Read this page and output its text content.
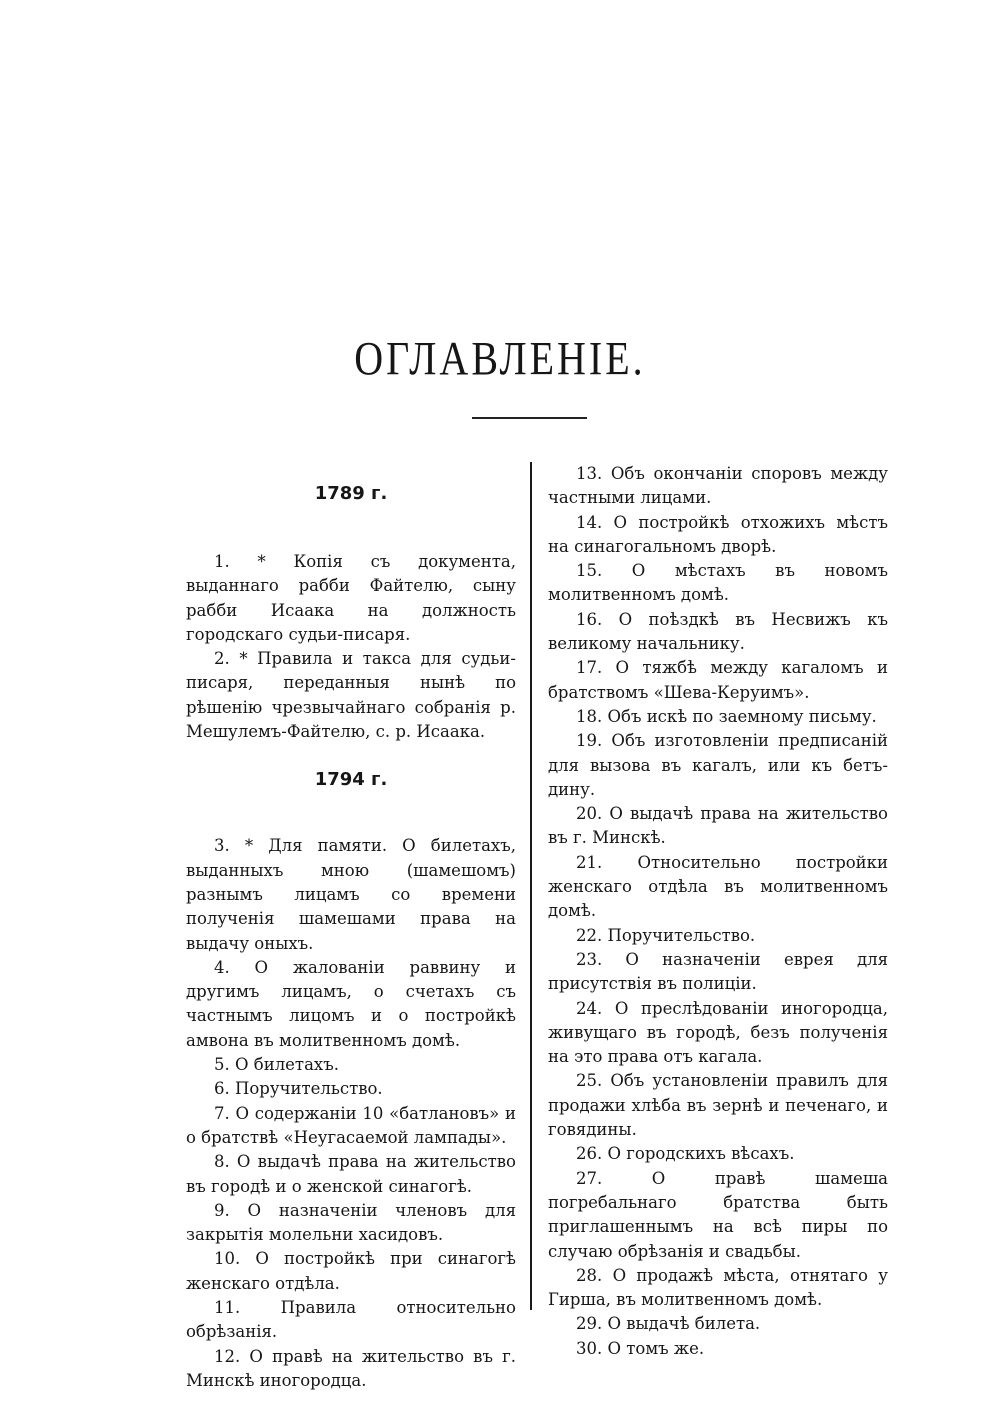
ОГЛАВЛЕНІЕ.
1789 г.

1. * Копія съ документа, выданнаго рабби Файтелю, сыну рабби Исаака на должность городскаго судьи-писаря.

2. * Правила и такса для судьи-писаря, переданныя нынѣ по рѣшенію чрезвычайнаго собранія р. Мешулемъ-Файтелю, с. р. Исаака.

1794 г.

3. * Для памяти. О билетахъ, выданныхъ мною (шамешомъ) разнымъ лицамъ со времени полученія шамешами права на выдачу оныхъ.

4. О жалованіи раввину и другимъ лицамъ, о счетахъ съ частнымъ лицомъ и о постройкѣ амвона въ молитвенномъ домѣ.

5. О билетахъ.

6. Поручительство.

7. О содержаніи 10 «батлановъ» и о братствѣ «Неугасаемой лампады».

8. О выдачѣ права на жительство въ городѣ и о женской синагогѣ.

9. О назначеніи членовъ для закрытія молельни хасидовъ.

10. О постройкѣ при синагогѣ женскаго отдѣла.

11. Правила относительно обрѣзанія.

12. О правѣ на жительство въ г. Минскѣ иногородца.

13. Объ окончаніи споровъ между частными лицами.

14. О постройкѣ отхожихъ мѣстъ на синагогальномъ дворѣ.

15. О мѣстахъ въ новомъ молитвенномъ домѣ.

16. О поѣздкѣ въ Несвижъ къ великому начальнику.

17. О тяжбѣ между кагаломъ и братствомъ «Шева-Керуимъ».

18. Объ искѣ по заемному письму.

19. Объ изготовленіи предписаній для вызова въ кагалъ, или къ бетъ-дину.

20. О выдачѣ права на жительство въ г. Минскѣ.

21. Относительно постройки женскаго отдѣла въ молитвенномъ домѣ.

22. Поручительство.

23. О назначеніи еврея для присутствія въ полиціи.

24. О преслѣдованіи иногородца, живущаго въ городѣ, безъ полученія на это права отъ кагала.

25. Объ установленіи правилъ для продажи хлѣба въ зернѣ и печенаго, и говядины.

26. О городскихъ вѣсахъ.

27. О правѣ шамеша погребальнаго братства быть приглашеннымъ на всѣ пиры по случаю обрѣзанія и свадьбы.

28. О продажѣ мѣста, отнятаго у Гирша, въ молитвенномъ домѣ.

29. О выдачѣ билета.

30. О томъ же.
